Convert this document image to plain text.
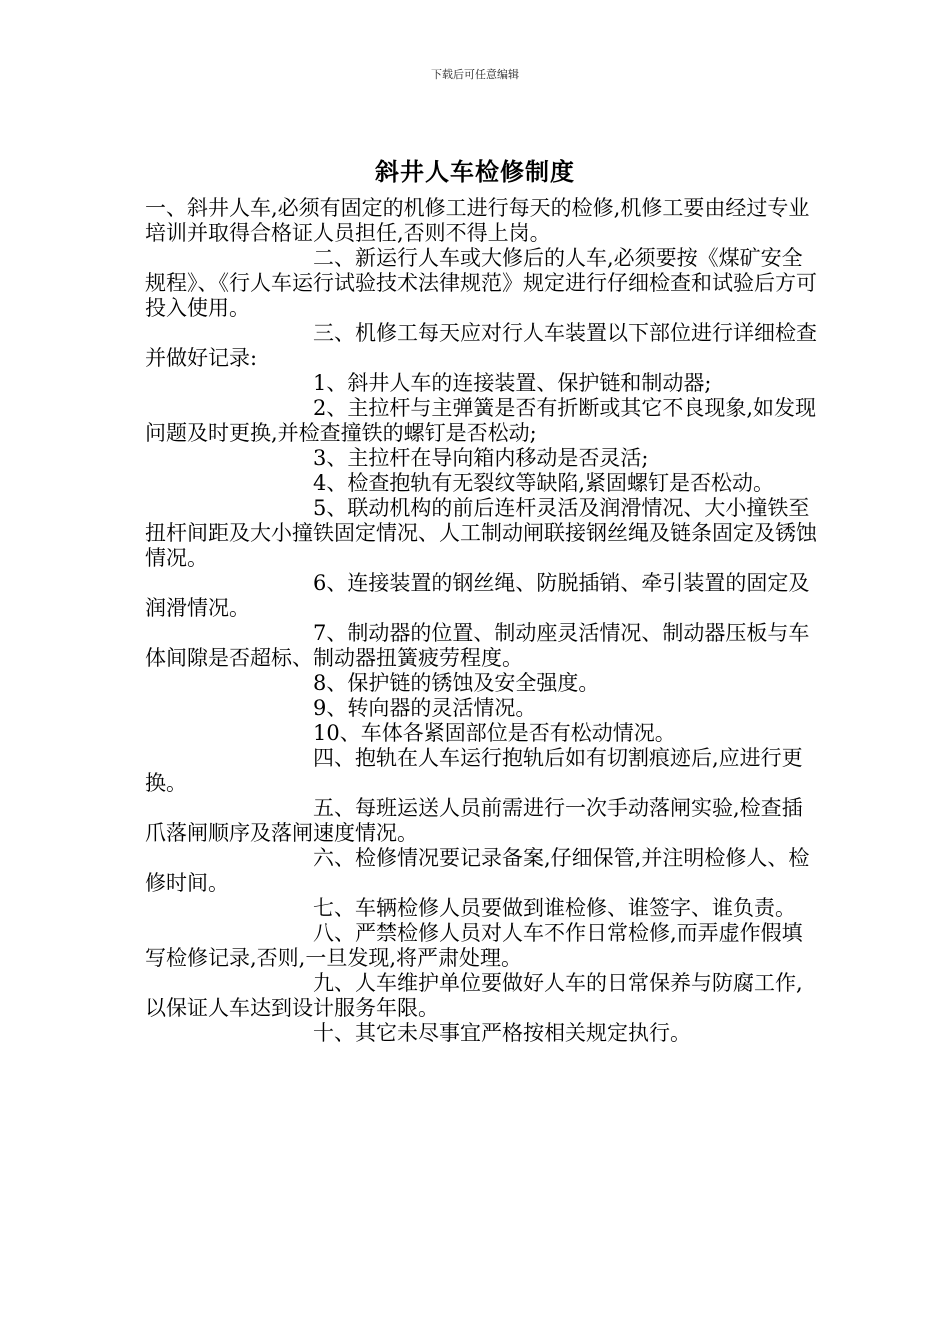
下载后可任意编辑
斜井人车检修制度

一、斜井人车,必须有固定的机修工进行每天的检修,机修工要由经过专业培训并取得合格证人员担任,否则不得上岗。

二、新运行人车或大修后的人车,必须要按《煤矿安全规程》、《行人车运行试验技术法律规范》规定进行仔细检查和试验后方可投入使用。

三、机修工每天应对行人车装置以下部位进行详细检查并做好记录:

1、斜井人车的连接装置、保护链和制动器;

2、主拉杆与主弹簧是否有折断或其它不良现象,如发现问题及时更换,并检查撞铁的螺钉是否松动;

3、主拉杆在导向箱内移动是否灵活;

4、检查抱轨有无裂纹等缺陷,紧固螺钉是否松动。

5、联动机构的前后连杆灵活及润滑情况、大小撞铁至扭杆间距及大小撞铁固定情况、人工制动闸联接钢丝绳及链条固定及锈蚀情况。

6、连接装置的钢丝绳、防脱插销、牵引装置的固定及润滑情况。

7、制动器的位置、制动座灵活情况、制动器压板与车体间隙是否超标、制动器扭簧疲劳程度。

8、保护链的锈蚀及安全强度。

9、转向器的灵活情况。

10、车体各紧固部位是否有松动情况。

四、抱轨在人车运行抱轨后如有切割痕迹后,应进行更换。

五、每班运送人员前需进行一次手动落闸实验,检查插爪落闸顺序及落闸速度情况。

六、检修情况要记录备案,仔细保管,并注明检修人、检修时间。

七、车辆检修人员要做到谁检修、谁签字、谁负责。

八、严禁检修人员对人车不作日常检修,而弄虚作假填写检修记录,否则,一旦发现,将严肃处理。

九、人车维护单位要做好人车的日常保养与防腐工作,以保证人车达到设计服务年限。

十、其它未尽事宜严格按相关规定执行。
